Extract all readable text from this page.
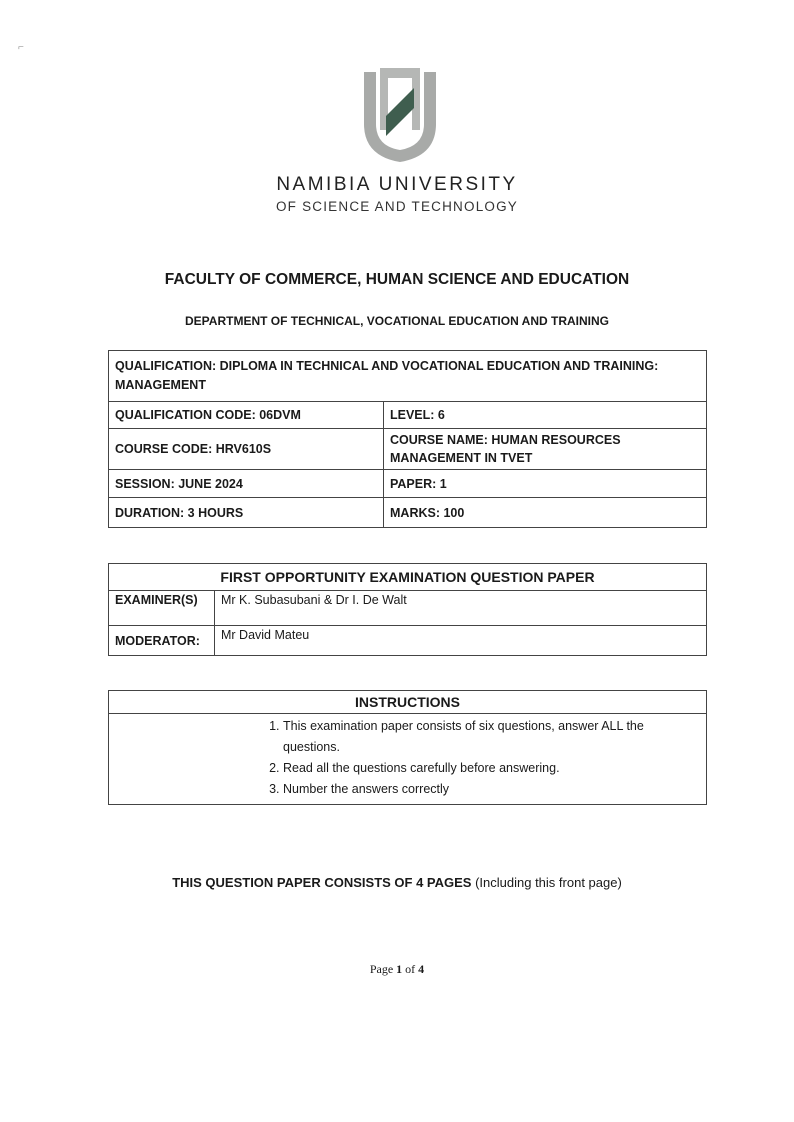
⌐
NAMIBIA UNIVERSITY
OF SCIENCE AND TECHNOLOGY
FACULTY OF COMMERCE, HUMAN SCIENCE AND EDUCATION
DEPARTMENT OF TECHNICAL, VOCATIONAL EDUCATION AND TRAINING
QUALIFICATION: DIPLOMA IN TECHNICAL AND VOCATIONAL EDUCATION AND TRAINING: MANAGEMENT	
QUALIFICATION CODE: 06DVM	LEVEL: 6
COURSE CODE: HRV610S	COURSE NAME: HUMAN RESOURCES MANAGEMENT IN TVET
SESSION: JUNE 2024	PAPER: 1
DURATION: 3 HOURS	MARKS: 100
FIRST OPPORTUNITY EXAMINATION QUESTION PAPER	
EXAMINER(S)	Mr K. Subasubani & Dr I. De Walt
MODERATOR:	Mr David Mateu
INSTRUCTIONS

1. This examination paper consists of six questions, answer ALL the questions.
2. Read all the questions carefully before answering.
3. Number the answers correctly
THIS QUESTION PAPER CONSISTS OF 4 PAGES (Including this front page)
Page 1 of 4
